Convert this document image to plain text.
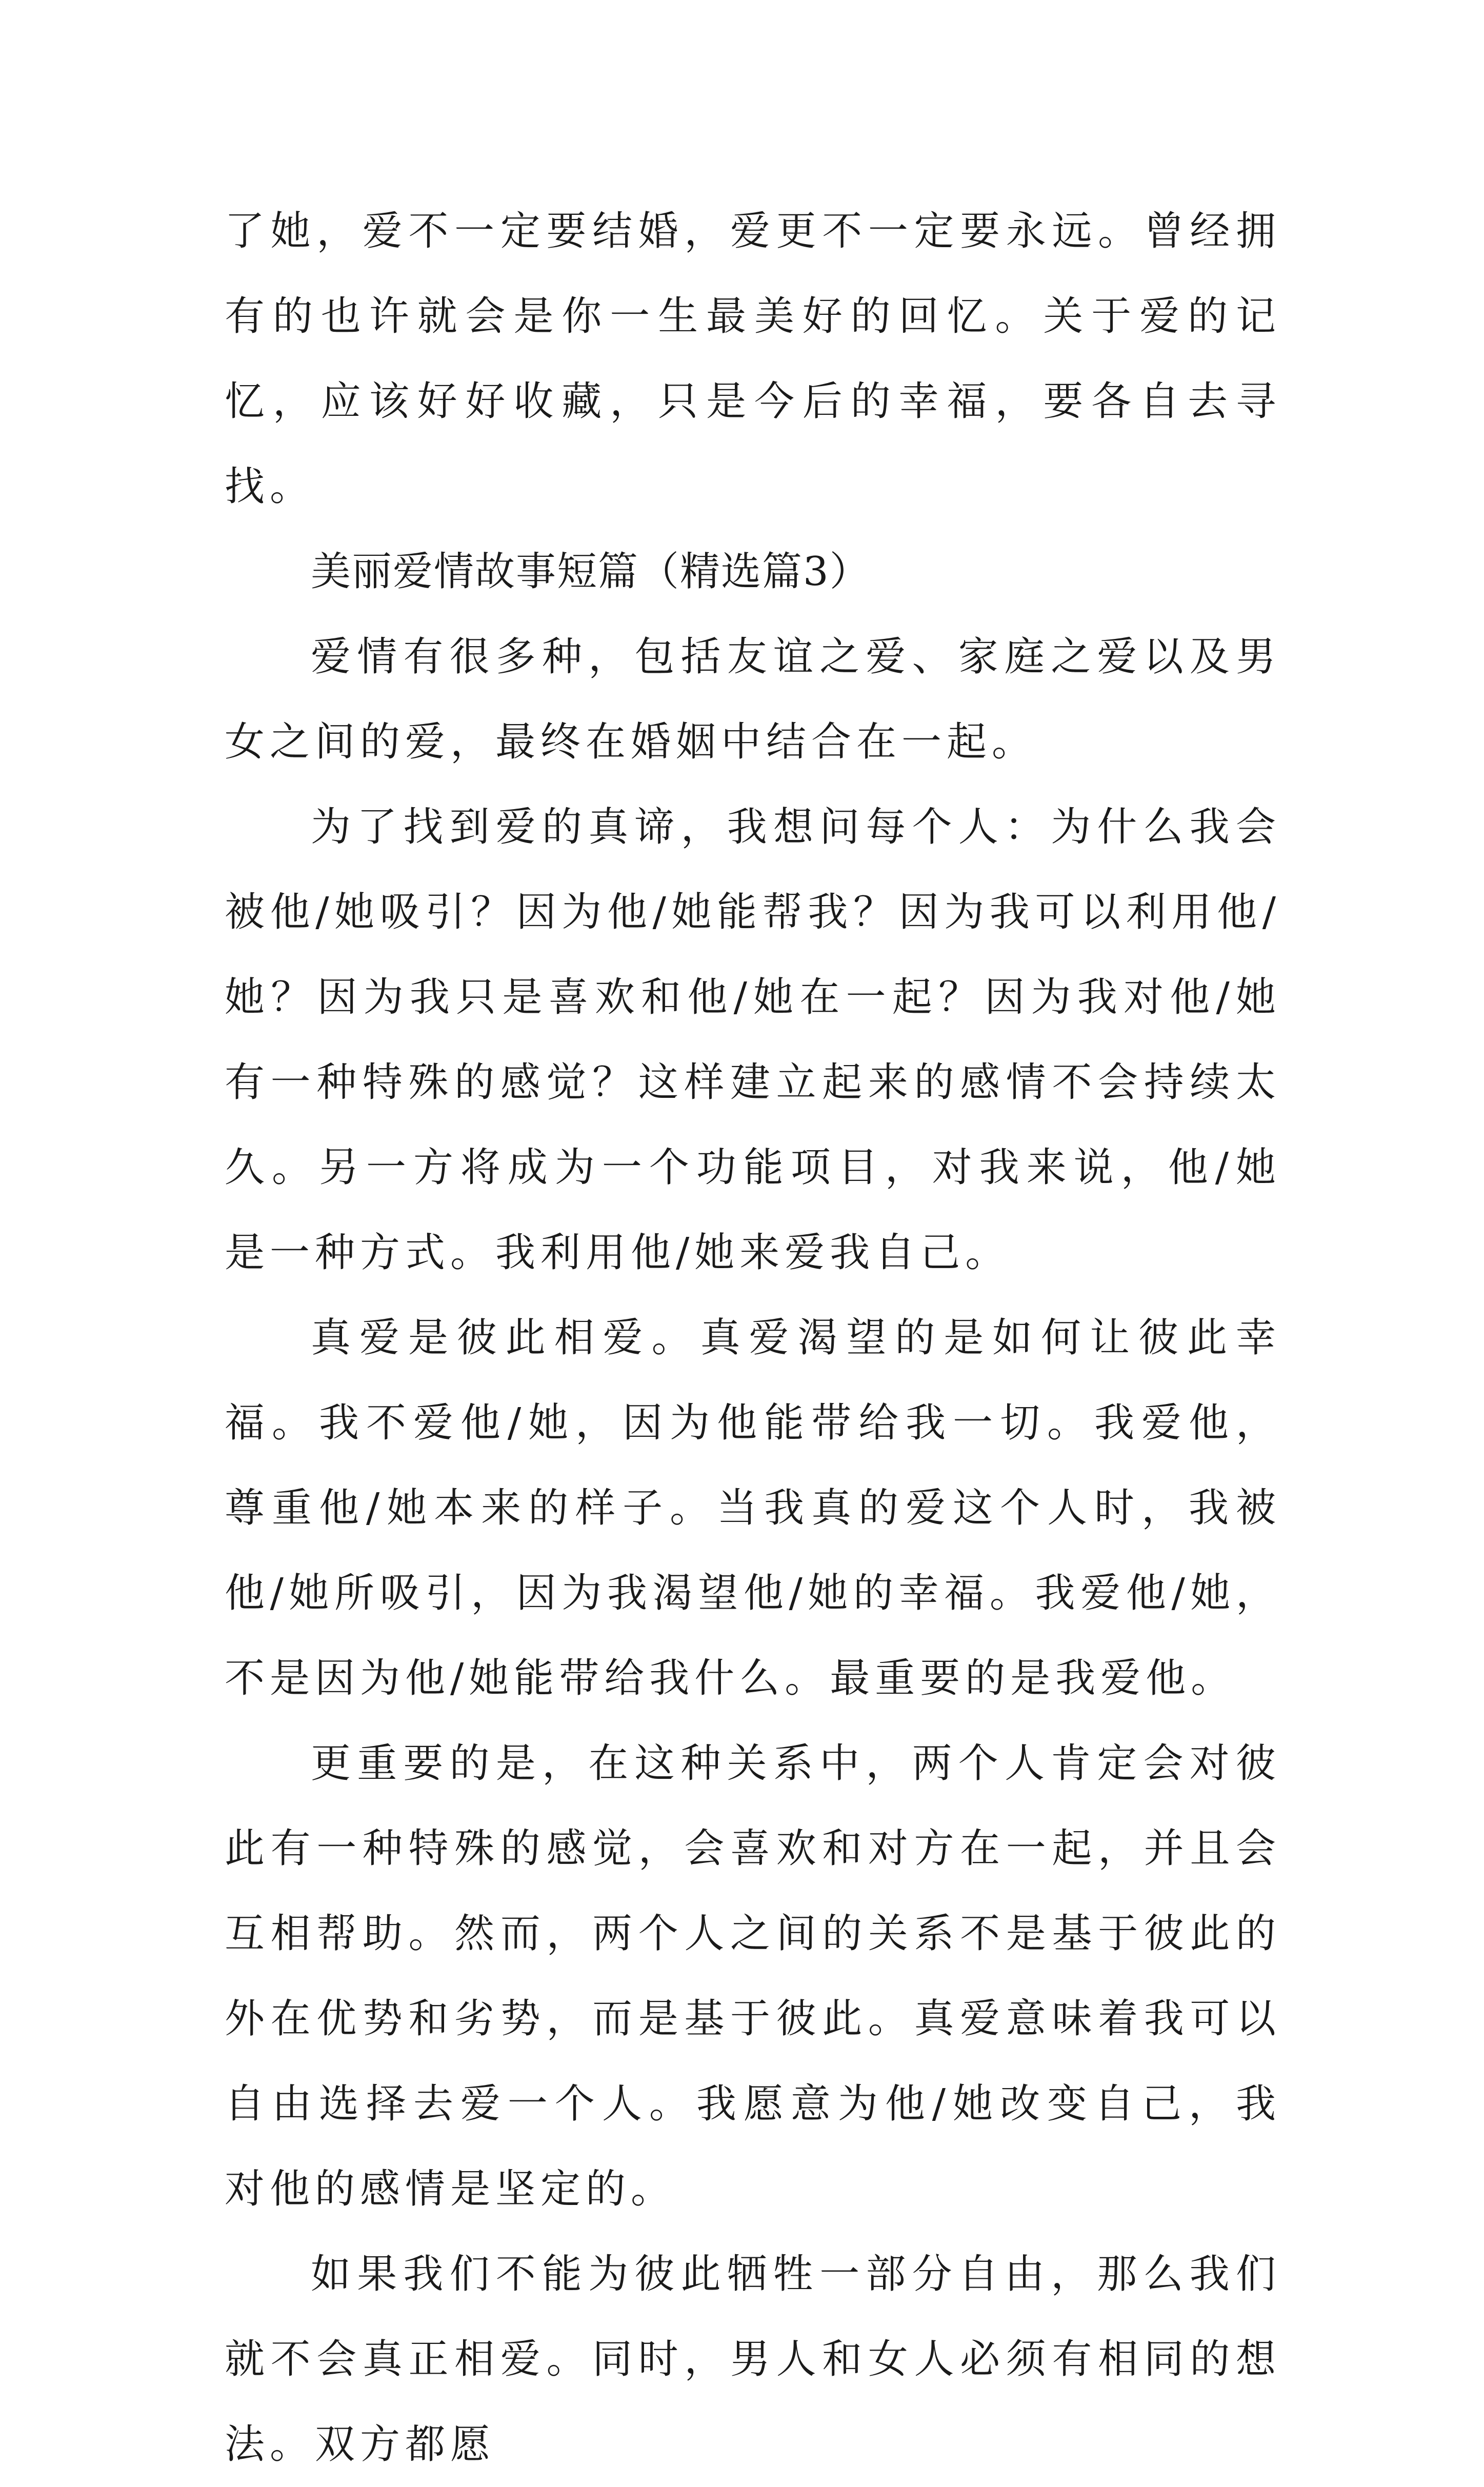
了她，爱不一定要结婚，爱更不一定要永远。曾经拥有的也许就会是你一生最美好的回忆。关于爱的记忆，应该好好收藏，只是今后的幸福，要各自去寻找。

美丽爱情故事短篇（精选篇3）

爱情有很多种，包括友谊之爱、家庭之爱以及男女之间的爱，最终在婚姻中结合在一起。

为了找到爱的真谛，我想问每个人：为什么我会被他/她吸引？因为他/她能帮我？因为我可以利用他/她？因为我只是喜欢和他/她在一起？因为我对他/她有一种特殊的感觉？这样建立起来的感情不会持续太久。另一方将成为一个功能项目，对我来说，他/她是一种方式。我利用他/她来爱我自己。

真爱是彼此相爱。真爱渴望的是如何让彼此幸福。我不爱他/她，因为他能带给我一切。我爱他，尊重他/她本来的样子。当我真的爱这个人时，我被他/她所吸引，因为我渴望他/她的幸福。我爱他/她，不是因为他/她能带给我什么。最重要的是我爱他。

更重要的是，在这种关系中，两个人肯定会对彼此有一种特殊的感觉，会喜欢和对方在一起，并且会互相帮助。然而，两个人之间的关系不是基于彼此的外在优势和劣势，而是基于彼此。真爱意味着我可以自由选择去爱一个人。我愿意为他/她改变自己，我对他的感情是坚定的。

如果我们不能为彼此牺牲一部分自由，那么我们就不会真正相爱。同时，男人和女人必须有相同的想法。双方都愿
